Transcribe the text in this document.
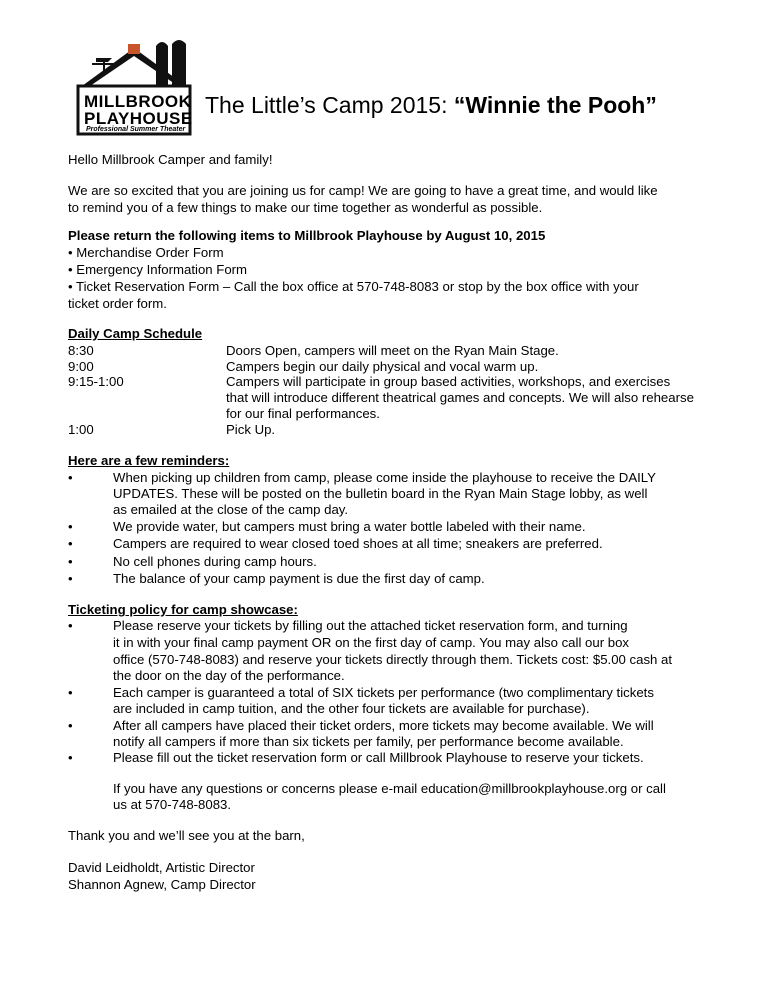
MILLBROOK
PLAYHOUSE
Professional Summer Theater
The Little’s Camp 2015: “Winnie the Pooh”
Hello Millbrook Camper and family!
We are so excited that you are joining us for camp! We are going to have a great time, and would like
to remind you of a few things to make our time together as wonderful as possible.
Please return the following items to Millbrook Playhouse by August 10, 2015
• Merchandise Order Form
• Emergency Information Form
• Ticket Reservation Form – Call the box office at 570-748-8083 or stop by the box office with your
ticket order form.
Daily Camp Schedule
8:30	Doors Open, campers will meet on the Ryan Main Stage.
9:00	Campers begin our daily physical and vocal warm up.
9:15-1:00	Campers will participate in group based activities, workshops, and exercises
that will introduce different theatrical games and concepts. We will also rehearse
for our final performances.
1:00	Pick Up.
Here are a few reminders:
•	When picking up children from camp, please come inside the playhouse to receive the DAILY
UPDATES. These will be posted on the bulletin board in the Ryan Main Stage lobby, as well
as emailed at the close of the camp day.
•	We provide water, but campers must bring a water bottle labeled with their name.
•	Campers are required to wear closed toed shoes at all time; sneakers are preferred.
•	No cell phones during camp hours.
•	The balance of your camp payment is due the first day of camp.
Ticketing policy for camp showcase:
•	Please reserve your tickets by filling out the attached ticket reservation form, and turning
it in with your final camp payment OR on the first day of camp. You may also call our box
office (570-748-8083) and reserve your tickets directly through them. Tickets cost: $5.00 cash at
the door on the day of the performance.
•	Each camper is guaranteed a total of SIX tickets per performance (two complimentary tickets
are included in camp tuition, and the other four tickets are available for purchase).
•	After all campers have placed their ticket orders, more tickets may become available. We will
notify all campers if more than six tickets per family, per performance become available.
•	Please fill out the ticket reservation form or call Millbrook Playhouse to reserve your tickets.
If you have any questions or concerns please e-mail education@millbrookplayhouse.org or call
us at 570-748-8083.
Thank you and we’ll see you at the barn,
David Leidholdt, Artistic Director
Shannon Agnew, Camp Director
